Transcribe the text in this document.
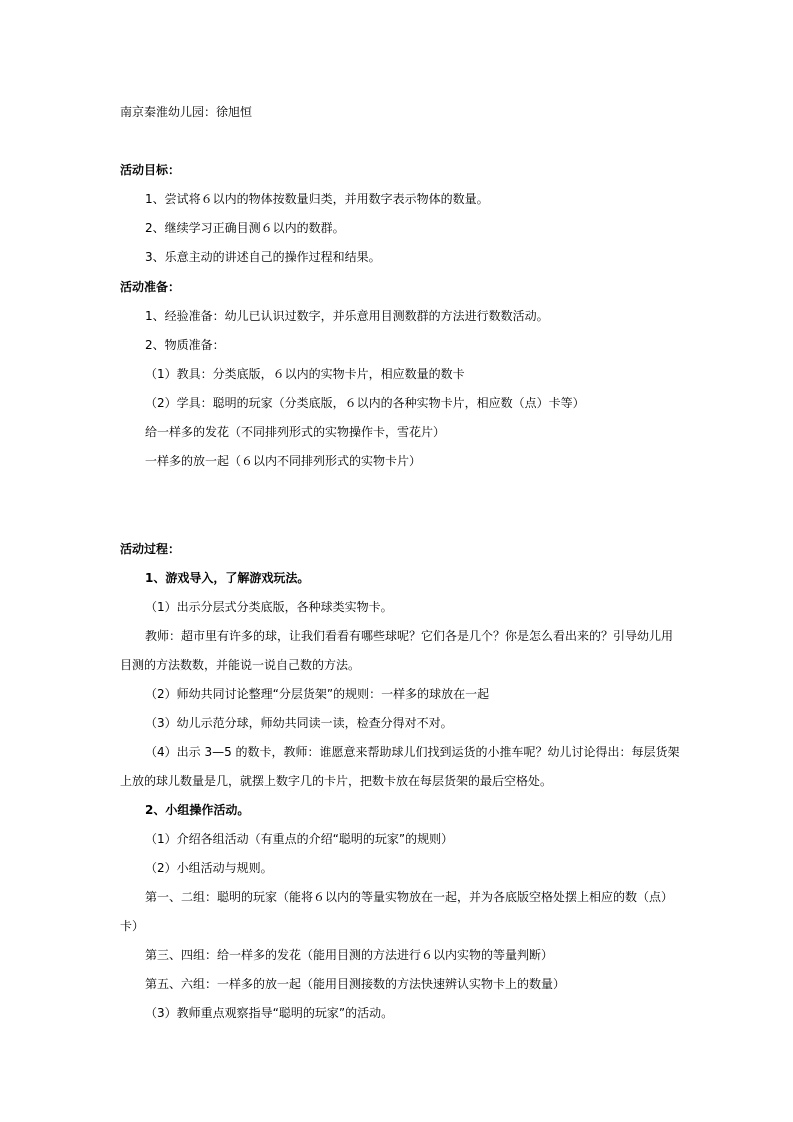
南京秦淮幼儿园：徐旭恒
活动目标：
1、尝试将６以内的物体按数量归类，并用数字表示物体的数量。
2、继续学习正确目测６以内的数群。
3、乐意主动的讲述自己的操作过程和结果。
活动准备：
1、经验准备：幼儿已认识过数字，并乐意用目测数群的方法进行数数活动。
2、物质准备：
（1）教具：分类底版，６以内的实物卡片，相应数量的数卡
（2）学具：聪明的玩家（分类底版，６以内的各种实物卡片，相应数（点）卡等）
给一样多的发花（不同排列形式的实物操作卡，雪花片）
一样多的放一起（６以内不同排列形式的实物卡片）
活动过程：
1、游戏导入，了解游戏玩法。
（1）出示分层式分类底版，各种球类实物卡。
教师：超市里有许多的球，让我们看看有哪些球呢？它们各是几个？你是怎么看出来的？引导幼儿用
目测的方法数数，并能说一说自己数的方法。
（2）师幼共同讨论整理“分层货架”的规则：一样多的球放在一起
（3）幼儿示范分球，师幼共同读一读，检查分得对不对。
（4）出示 3—5 的数卡，教师：谁愿意来帮助球儿们找到运货的小推车呢？幼儿讨论得出：每层货架
上放的球儿数量是几，就摆上数字几的卡片，把数卡放在每层货架的最后空格处。
2、小组操作活动。
（1）介绍各组活动（有重点的介绍“聪明的玩家”的规则）
（2）小组活动与规则。
第一、二组：聪明的玩家（能将６以内的等量实物放在一起，并为各底版空格处摆上相应的数（点）
卡）
第三、四组：给一样多的发花（能用目测的方法进行６以内实物的等量判断）
第五、六组：一样多的放一起（能用目测接数的方法快速辨认实物卡上的数量）
（3）教师重点观察指导“聪明的玩家”的活动。
